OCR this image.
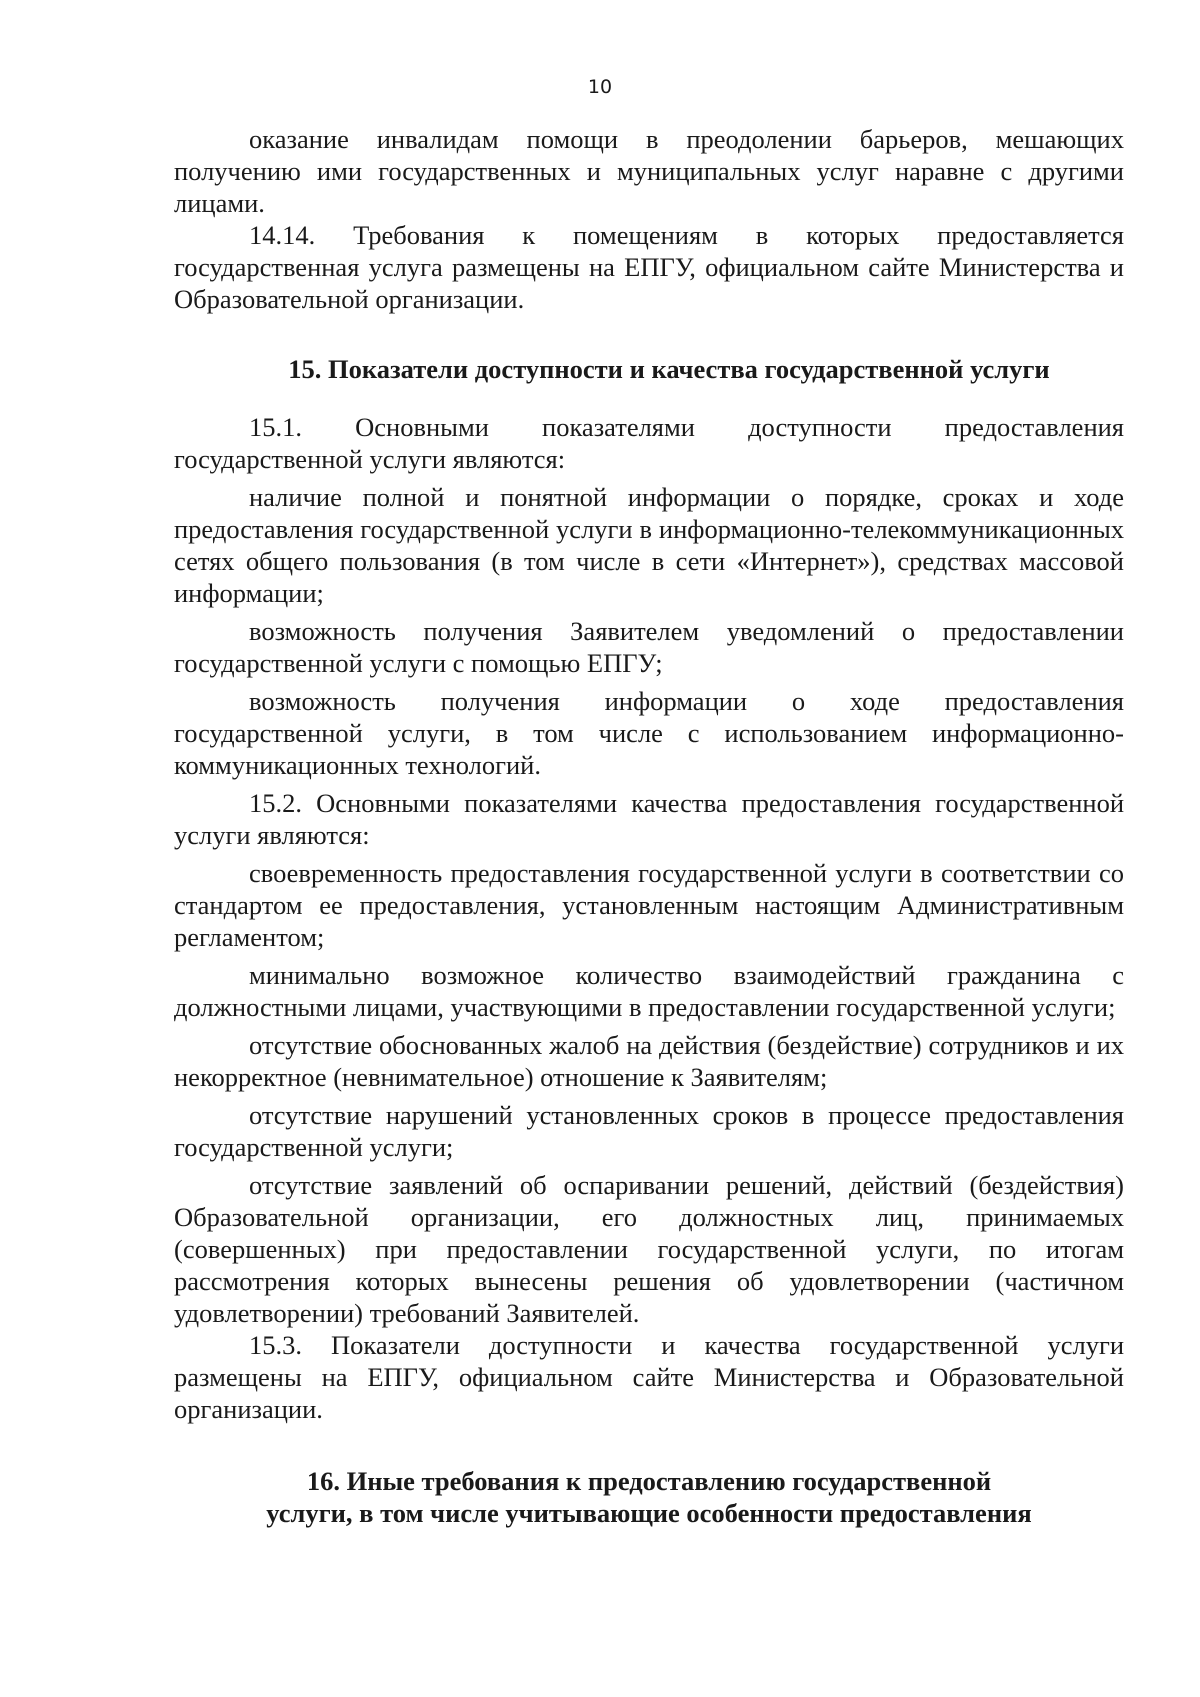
10

оказание инвалидам помощи в преодолении барьеров, мешающих получению ими государственных и муниципальных услуг наравне с другими лицами.

14.14. Требования к помещениям в которых предоставляется государственная услуга размещены на ЕПГУ, официальном сайте Министерства и Образовательной организации.

15. Показатели доступности и качества государственной услуги

15.1. Основными показателями доступности предоставления государственной услуги являются:

наличие полной и понятной информации о порядке, сроках и ходе предоставления государственной услуги в информационно-телекоммуникационных сетях общего пользования (в том числе в сети «Интернет»), средствах массовой информации;

возможность получения Заявителем уведомлений о предоставлении государственной услуги с помощью ЕПГУ;

возможность получения информации о ходе предоставления государственной услуги, в том числе с использованием информационно-коммуникационных технологий.

15.2. Основными показателями качества предоставления государственной услуги являются:

своевременность предоставления государственной услуги в соответствии со стандартом ее предоставления, установленным настоящим Административным регламентом;

минимально возможное количество взаимодействий гражданина с должностными лицами, участвующими в предоставлении государственной услуги;

отсутствие обоснованных жалоб на действия (бездействие) сотрудников и их некорректное (невнимательное) отношение к Заявителям;

отсутствие нарушений установленных сроков в процессе предоставления государственной услуги;

отсутствие заявлений об оспаривании решений, действий (бездействия) Образовательной организации, его должностных лиц, принимаемых (совершенных) при предоставлении государственной услуги, по итогам рассмотрения которых вынесены решения об удовлетворении (частичном удовлетворении) требований Заявителей.

15.3. Показатели доступности и качества государственной услуги размещены на ЕПГУ, официальном сайте Министерства и Образовательной организации.

16. Иные требования к предоставлению государственной
услуги, в том числе учитывающие особенности предоставления
